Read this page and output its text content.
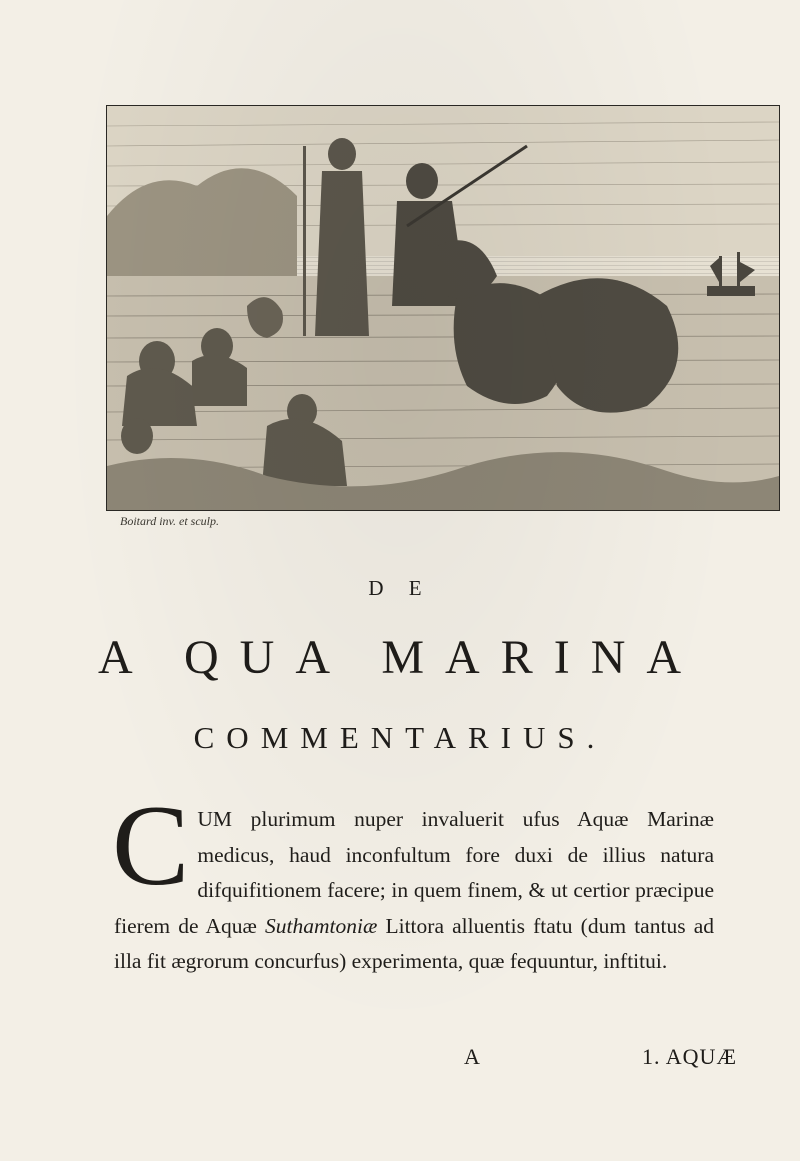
Boitard inv. et sculp.
D E
A QUA MARINA
COMMENTARIUS.
C UM plurimum nuper invaluerit ufus Aquæ Marinæ medicus, haud inconfultum fore duxi de illius natura difquifitionem facere; in quem finem, & ut certior præcipue fierem de Aquæ Suthamtoniæ Littora alluentis ftatu (dum tantus ad illa fit ægrorum concurfus) experimenta, quæ fequuntur, inftitui.

A	1. AQUÆ
